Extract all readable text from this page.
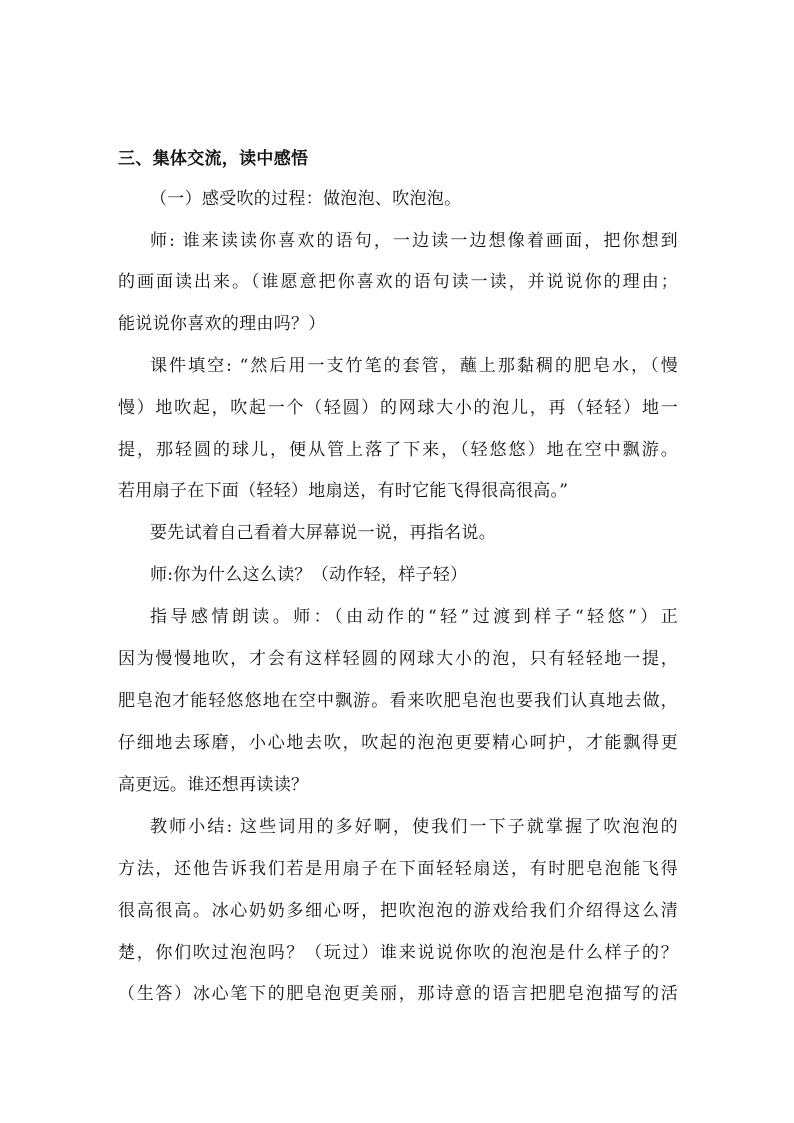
三、集体交流，读中感悟
（一）感受吹的过程：做泡泡、吹泡泡。
师: 谁来读读你喜欢的语句，一边读一边想像着画面，把你想到
的画面读出来。（谁愿意把你喜欢的语句读一读，并说说你的理由；
能说说你喜欢的理由吗？）
课件填空: “然后用一支竹笔的套管，蘸上那黏稠的肥皂水，（慢
慢）地吹起，吹起一个（轻圆）的网球大小的泡儿，再（轻轻）地一
提，那轻圆的球儿，便从管上落了下来，（轻悠悠）地在空中飘游。
若用扇子在下面（轻轻）地扇送，有时它能飞得很高很高。”
要先试着自己看着大屏幕说一说，再指名说。
师:你为什么这么读？（动作轻，样子轻）
指导感情朗读。师：（由动作的“轻”过渡到样子“轻悠”）正
因为慢慢地吹，才会有这样轻圆的网球大小的泡，只有轻轻地一提，
肥皂泡才能轻悠悠地在空中飘游。看来吹肥皂泡也要我们认真地去做，
仔细地去琢磨，小心地去吹，吹起的泡泡更要精心呵护，才能飘得更
高更远。谁还想再读读？
教师小结: 这些词用的多好啊，使我们一下子就掌握了吹泡泡的
方法，还他告诉我们若是用扇子在下面轻轻扇送，有时肥皂泡能飞得
很高很高。冰心奶奶多细心呀，把吹泡泡的游戏给我们介绍得这么清
楚，你们吹过泡泡吗？（玩过）谁来说说你吹的泡泡是什么样子的？
（生答）冰心笔下的肥皂泡更美丽，那诗意的语言把肥皂泡描写的活
